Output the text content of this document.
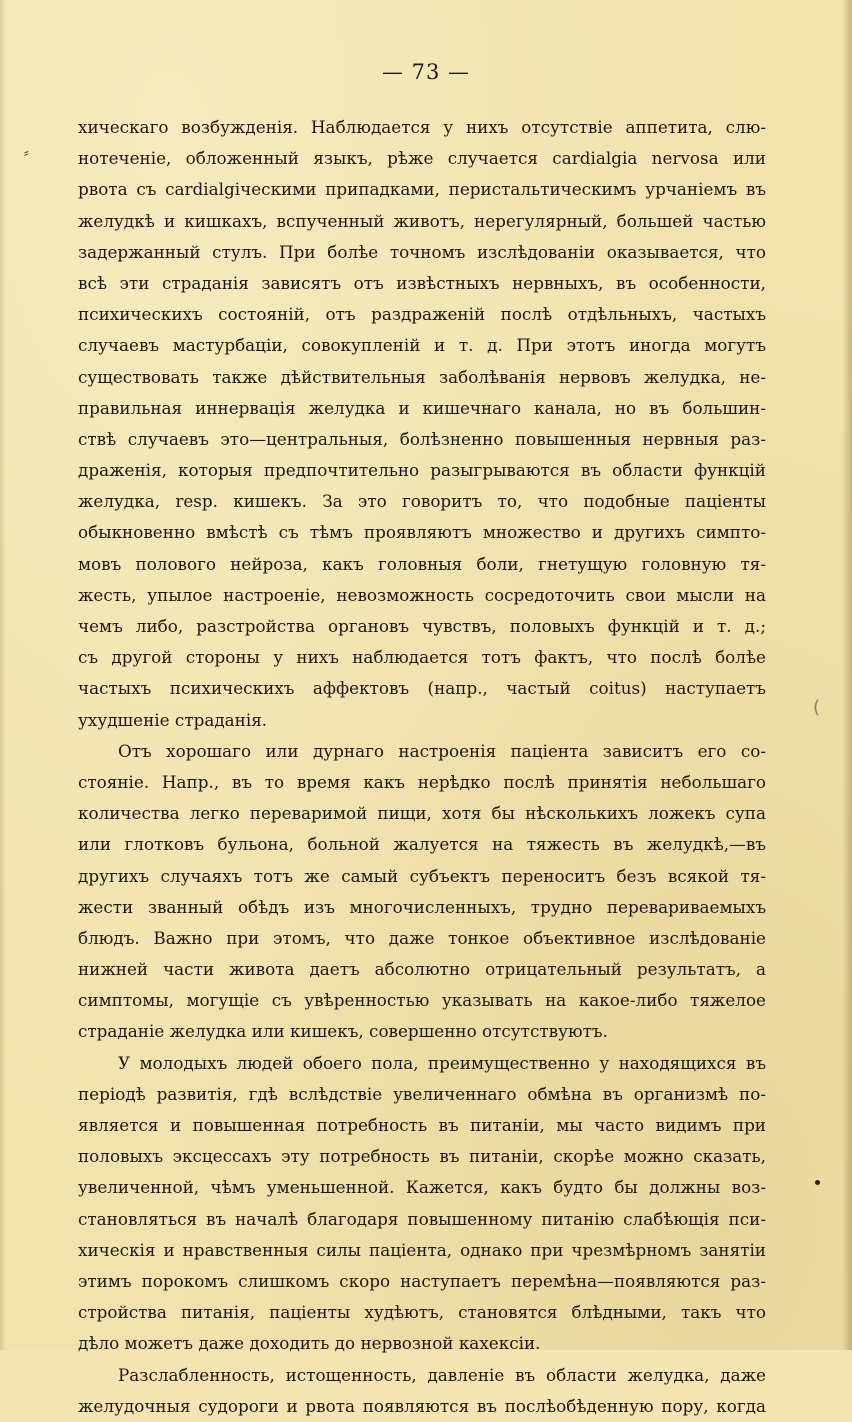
— 73 —
⸗
(
хическаго возбужденія. Наблюдается у нихъ отсутствіе аппетита, слю-
нотеченіе, обложенный языкъ, рѣже случается cardialgia nervosa или
рвота съ cardialgiческими припадками, перистальтическимъ урчаніемъ въ
желудкѣ и кишкахъ, вспученный животъ, нерегулярный, большей частью
задержанный стулъ. При болѣе точномъ изслѣдованіи оказывается, что
всѣ эти страданія зависятъ отъ извѣстныхъ нервныхъ, въ особенности,
психическихъ состояній, отъ раздраженій послѣ отдѣльныхъ, частыхъ
случаевъ мастурбаціи, совокупленій и т. д. При этотъ иногда могутъ
существовать также дѣйствительныя заболѣванія нервовъ желудка, не-
правильная иннервація желудка и кишечнаго канала, но въ большин-
ствѣ случаевъ это—центральныя, болѣзненно повышенныя нервныя раз-
драженія, которыя предпочтительно разыгрываются въ области функцій
желудка, resp. кишекъ. За это говоритъ то, что подобные паціенты
обыкновенно вмѣстѣ съ тѣмъ проявляютъ множество и другихъ симпто-
мовъ полового нейроза, какъ головныя боли, гнетущую головную тя-
жесть, упылое настроеніе, невозможность сосредоточить свои мысли на
чемъ либо, разстройства органовъ чувствъ, половыхъ функцій и т. д.;
съ другой стороны у нихъ наблюдается тотъ фактъ, что послѣ болѣе
частыхъ психическихъ аффектовъ (напр., частый coitus) наступаетъ
ухудшеніе страданія.
Отъ хорошаго или дурнаго настроенія паціента зависитъ его со-
стояніе. Напр., въ то время какъ нерѣдко послѣ принятія небольшаго
количества легко переваримой пищи, хотя бы нѣсколькихъ ложекъ супа
или глотковъ бульона, больной жалуется на тяжесть въ желудкѣ,—въ
другихъ случаяхъ тотъ же самый субъектъ переноситъ безъ всякой тя-
жести званный обѣдъ изъ многочисленныхъ, трудно перевариваемыхъ
блюдъ. Важно при этомъ, что даже тонкое объективное изслѣдованіе
нижней части живота даетъ абсолютно отрицательный результатъ, а
симптомы, могущіе съ увѣренностью указывать на какое-либо тяжелое
страданіе желудка или кишекъ, совершенно отсутствуютъ.
У молодыхъ людей обоего пола, преимущественно у находящихся въ
періодѣ развитія, гдѣ вслѣдствіе увеличеннаго обмѣна въ организмѣ по-
является и повышенная потребность въ питаніи, мы часто видимъ при
половыхъ эксцессахъ эту потребность въ питаніи, скорѣе можно сказать,
увеличенной, чѣмъ уменьшенной. Кажется, какъ будто бы должны воз-
становляться въ началѣ благодаря повышенному питанію слабѣющія пси-
хическія и нравственныя силы паціента, однако при чрезмѣрномъ занятіи
этимъ порокомъ слишкомъ скоро наступаетъ перемѣна—появляются раз-
стройства питанія, паціенты худѣютъ, становятся блѣдными, такъ что
дѣло можетъ даже доходить до нервозной кахексіи.
Разслабленность, истощенность, давленіе въ области желудка, даже
желудочныя судороги и рвота появляются въ послѣобѣденную пору, когда
